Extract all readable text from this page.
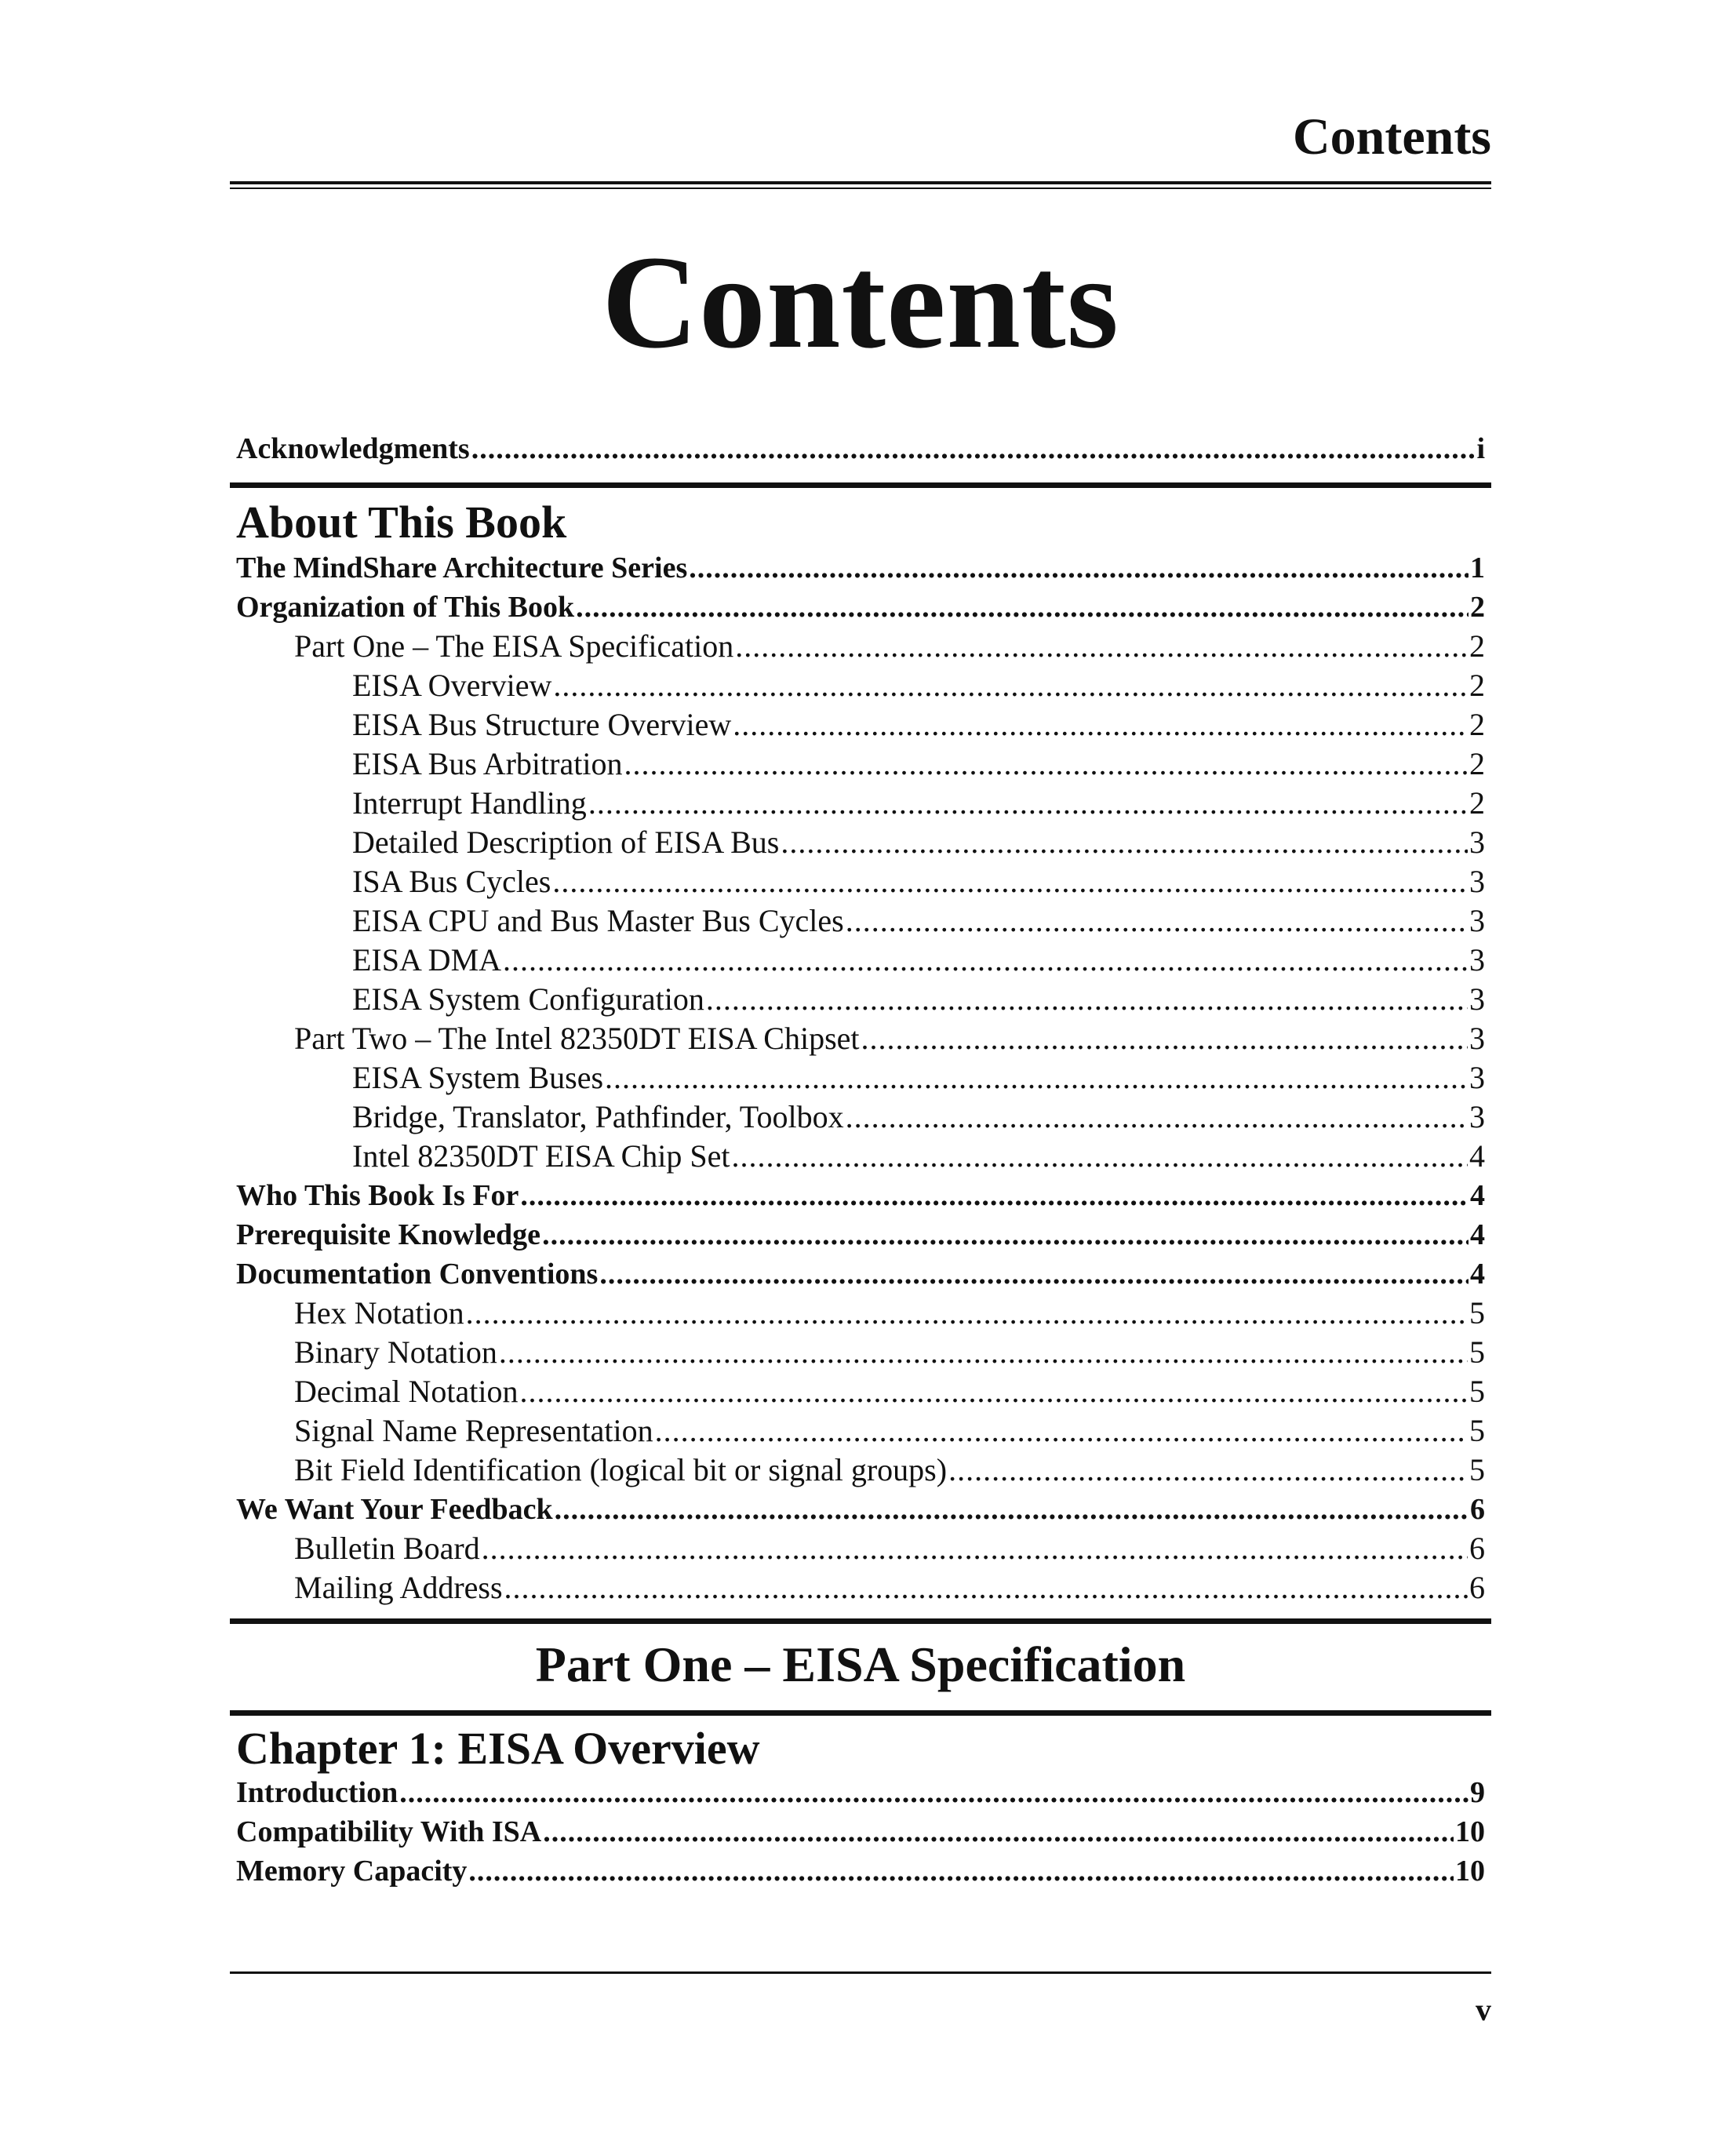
Contents
Contents
Acknowledgments .....	i
About This Book
The MindShare Architecture Series .....	1
Organization of This Book .....	2
Part One – The EISA Specification .....	2
EISA Overview .....	2
EISA Bus Structure Overview .....	2
EISA Bus Arbitration .....	2
Interrupt Handling .....	2
Detailed Description of EISA Bus .....	3
ISA Bus Cycles .....	3
EISA CPU and Bus Master Bus Cycles .....	3
EISA DMA .....	3
EISA System Configuration .....	3
Part Two – The Intel 82350DT EISA Chipset .....	3
EISA System Buses .....	3
Bridge, Translator, Pathfinder, Toolbox .....	3
Intel 82350DT EISA Chip Set .....	4
Who This Book Is For .....	4
Prerequisite Knowledge .....	4
Documentation Conventions .....	4
Hex Notation .....	5
Binary Notation .....	5
Decimal Notation .....	5
Signal Name Representation .....	5
Bit Field Identification (logical bit or signal groups) .....	5
We Want Your Feedback .....	6
Bulletin Board .....	6
Mailing Address .....	6
Part One – EISA Specification
Chapter 1: EISA Overview
Introduction .....	9
Compatibility With ISA .....	10
Memory Capacity .....	10
v
